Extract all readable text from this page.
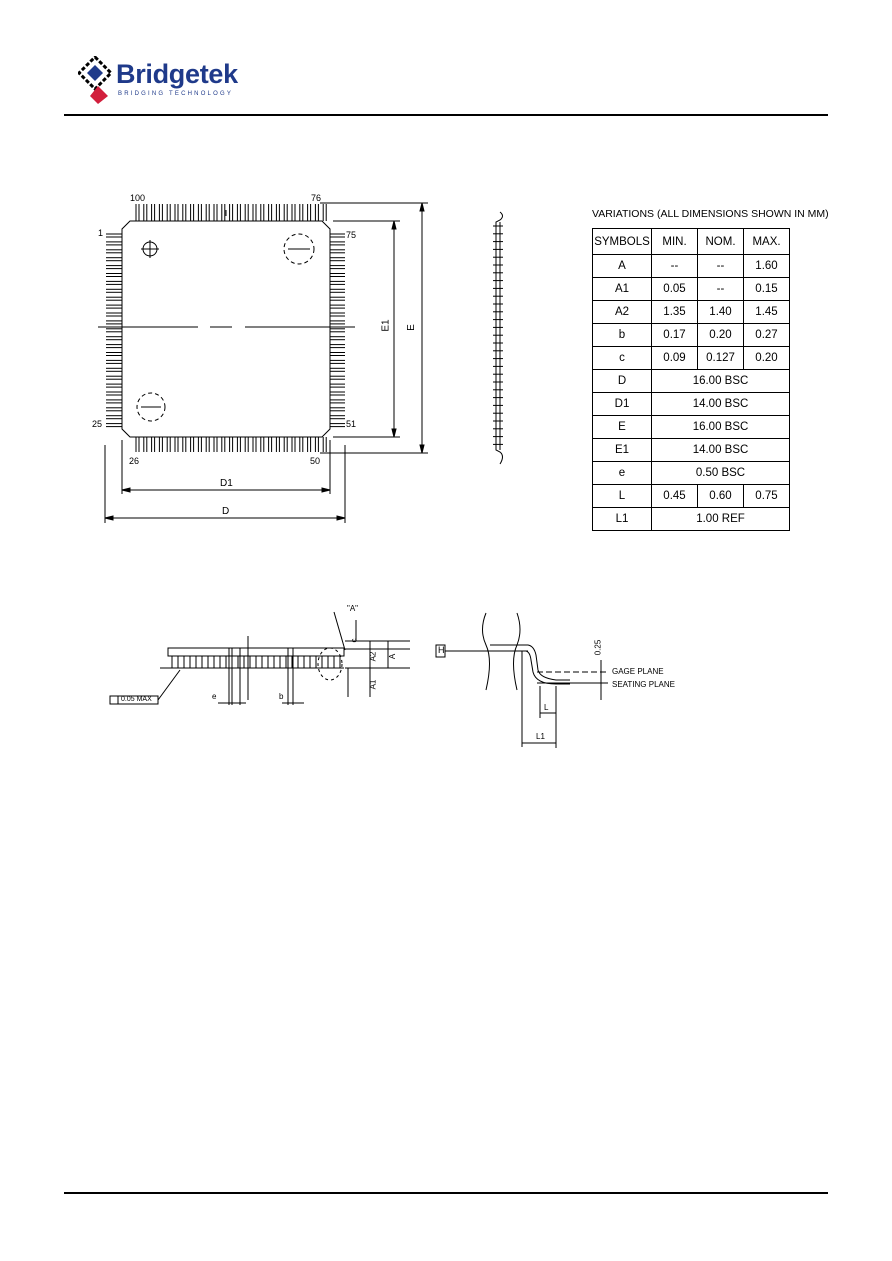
Bridgetek
BRIDGING TECHNOLOGY
100	76
1	75
25	51
26	50
D1
D
E1 E
VARIATIONS (ALL DIMENSIONS SHOWN IN MM)
SYMBOLS	MIN.	NOM.	MAX.
A	--	--	1.60
A1	0.05	--	0.15
A2	1.35	1.40	1.45
b	0.17	0.20	0.27
c	0.09	0.127	0.20
D	16.00 BSC		
D1	14.00 BSC		
E	16.00 BSC		
E1	14.00 BSC		
e	0.50 BSC		
L	0.45	0.60	0.75
L1	1.00 REF		
"A"
c
A2 A
A1
e	b
0.05 MAX
H	0.25
GAGE PLANE
SEATING PLANE
L
L1
